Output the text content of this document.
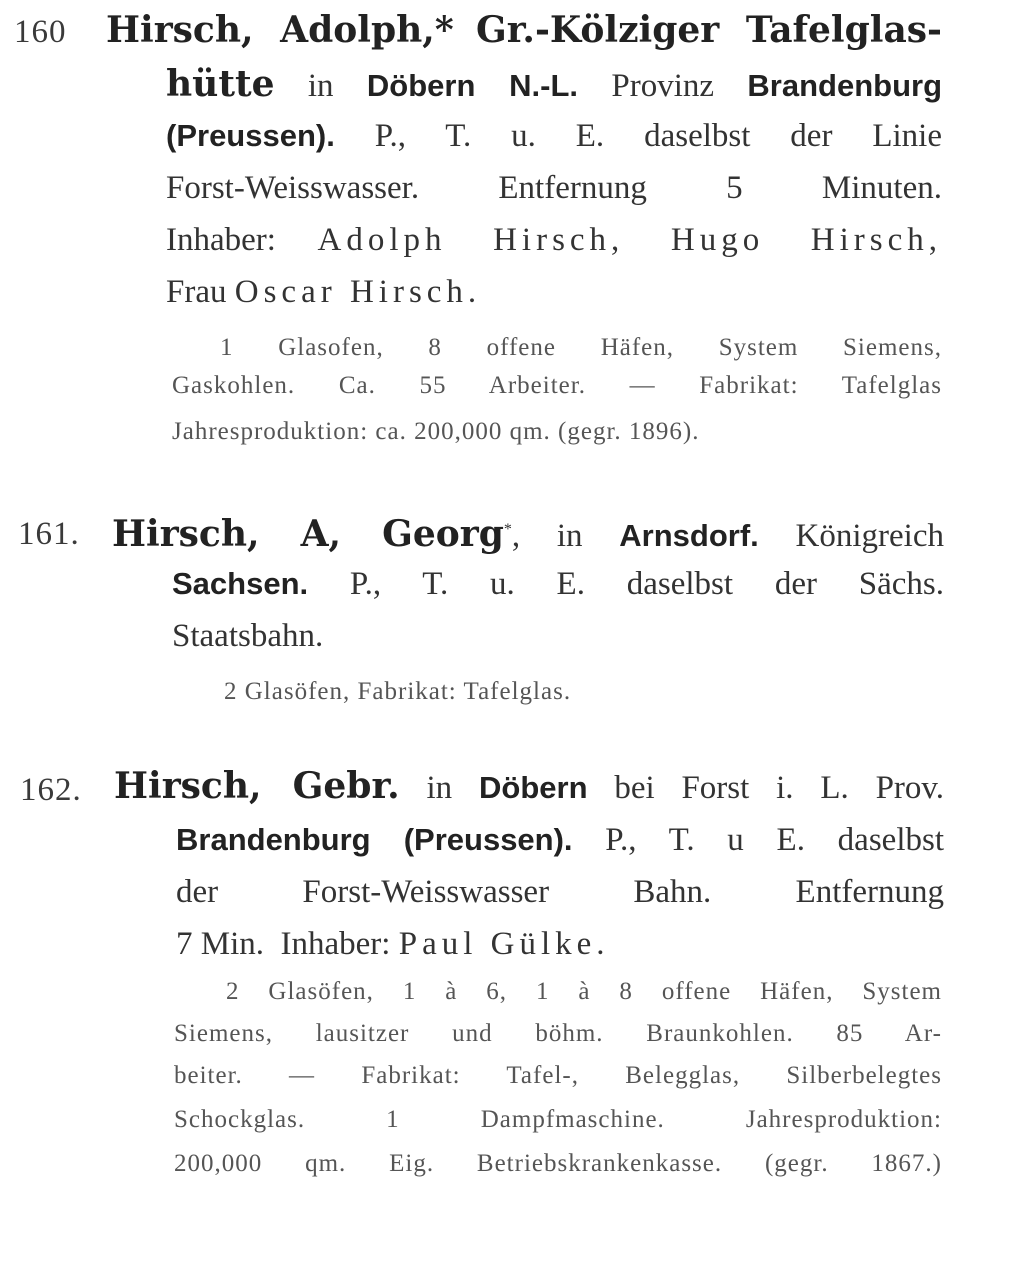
160 Hirsch, Adolph,* Gr.-Kölziger Tafelglas-
hütte in Döbern N.-L. Provinz Brandenburg
(Preussen). P., T. u. E. daselbst der Linie
Forst-Weisswasser. Entfernung 5 Minuten.
Inhaber: Adolph Hirsch, Hugo Hirsch,
Frau Oscar Hirsch.
1 Glasofen, 8 offene Häfen, System Siemens,
Gaskohlen. Ca. 55 Arbeiter. — Fabrikat: Tafelglas
Jahresproduktion: ca. 200,000 qm. (gegr. 1896).
161. Hirsch, A, Georg*, in Arnsdorf. Königreich
Sachsen. P., T. u. E. daselbst der Sächs.
Staatsbahn.
2 Glasöfen, Fabrikat: Tafelglas.
162. Hirsch, Gebr. in Döbern bei Forst i. L. Prov.
Brandenburg (Preussen). P., T. u E. daselbst
der Forst-Weisswasser Bahn.	Entfernung
7 Min. Inhaber: Paul Gülke.
2 Glasöfen, 1 à 6, 1 à 8 offene Häfen, System
Siemens, lausitzer und böhm. Braunkohlen. 85 Ar-
beiter. — Fabrikat: Tafel-, Belegglas, Silberbelegtes
Schockglas. 1 Dampfmaschine. Jahresproduktion:
200,000 qm. Eig. Betriebskrankenkasse. (gegr. 1867.)
